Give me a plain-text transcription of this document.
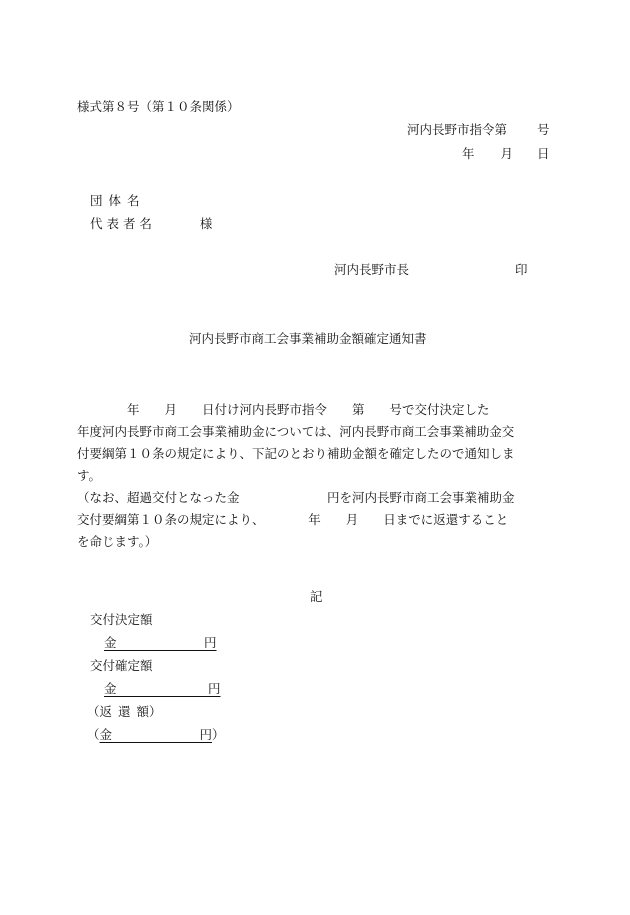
様式第８号（第１０条関係）
河内長野市指令第 号
年 月 日
団 体 名
代 表 者 名	様
河内長野市長	印
河内長野市商工会事業補助金額確定通知書
　　　　年　　月　　日付け河内長野市指令　　第　　号で交付決定した
年度河内長野市商工会事業補助金については、河内長野市商工会事業補助金交
付要綱第１０条の規定により、下記のとおり補助金額を確定したので通知しま
す。
（なお、超過交付となった金　　　　　　　円を河内長野市商工会事業補助金
交付要綱第１０条の規定により、　　　　年　　月　　日までに返還すること
を命じます。）
記
交付決定額
金　　　　　　　円
交付確定額
金　　　　　　　 円
（返 還 額）
（金　　　　　　　円）
